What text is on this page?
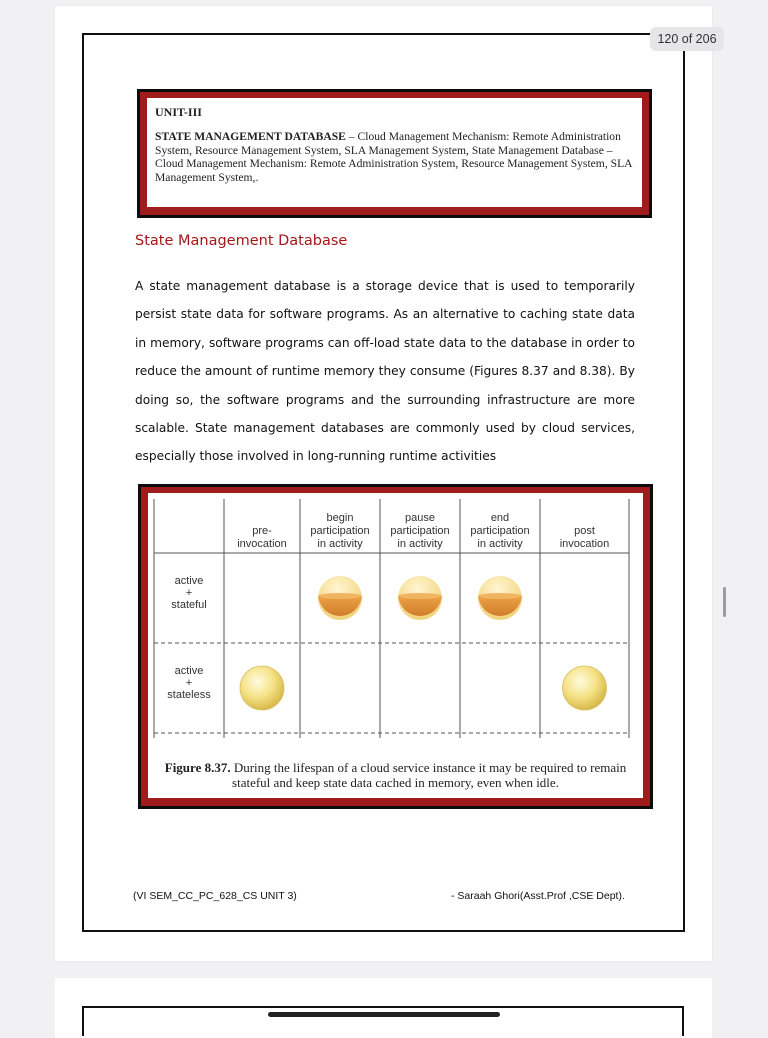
120 of 206
UNIT-III
STATE MANAGEMENT DATABASE – Cloud Management Mechanism: Remote Administration System, Resource Management System, SLA Management System, State Management Database – Cloud Management Mechanism: Remote Administration System, Resource Management System, SLA Management System,.
State Management Database
A state management database is a storage device that is used to temporarily persist state data for software programs. As an alternative to caching state data in memory, software programs can off-load state data to the database in order to reduce the amount of runtime memory they consume (Figures 8.37 and 8.38). By doing so, the software programs and the surrounding infrastructure are more scalable. State management databases are commonly used by cloud services, especially those involved in long-running runtime activities
pre-
invocation
begin
participation
in activity
pause
participation
in activity
end
participation
in activity
post
invocation
active
+
stateful
active
+
stateless
Figure 8.37. During the lifespan of a cloud service instance it may be required to remain stateful and keep state data cached in memory, even when idle.
(VI SEM_CC_PC_628_CS UNIT 3)	- Saraah Ghori(Asst.Prof ,CSE Dept).
